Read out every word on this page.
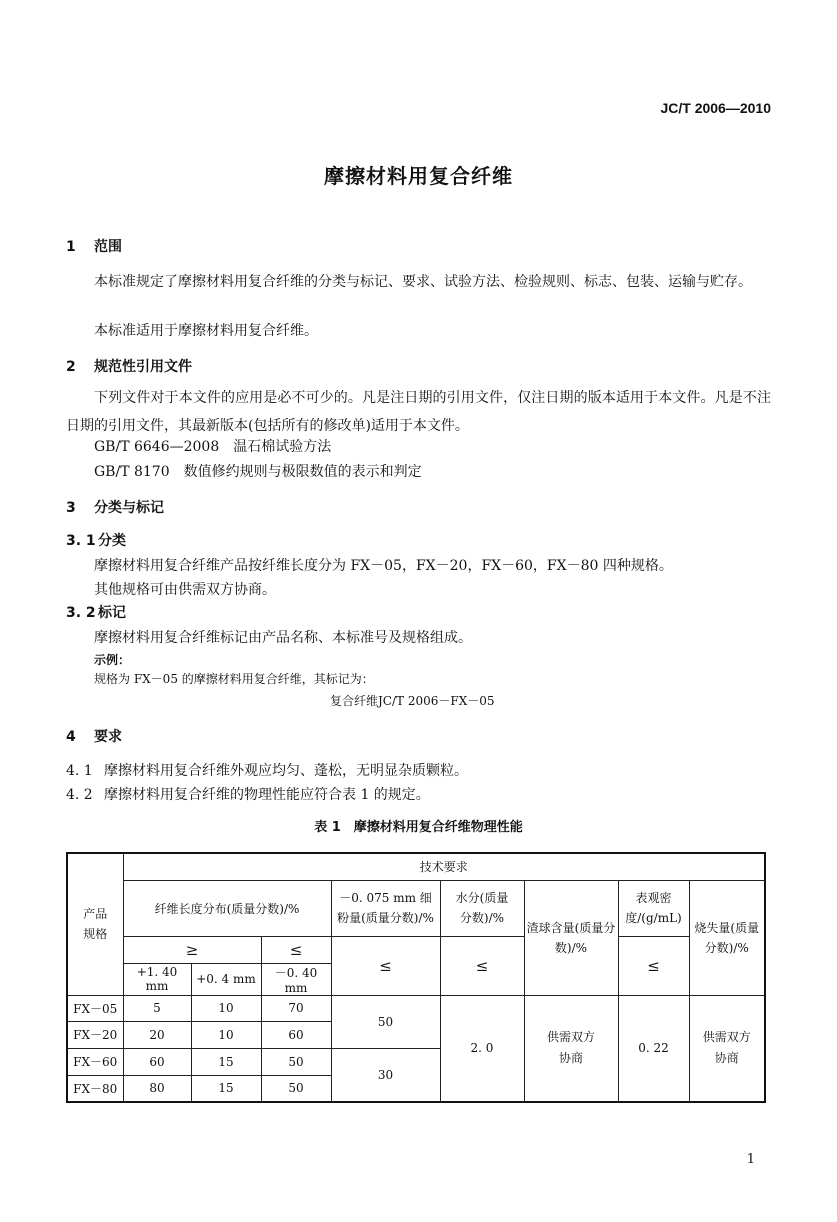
JC/T 2006—2010
摩擦材料用复合纤维
1 范围
本标准规定了摩擦材料用复合纤维的分类与标记、要求、试验方法、检验规则、标志、包装、运输与贮存。
本标准适用于摩擦材料用复合纤维。
2 规范性引用文件
下列文件对于本文件的应用是必不可少的。凡是注日期的引用文件，仅注日期的版本适用于本文件。凡是不注日期的引用文件，其最新版本(包括所有的修改单)适用于本文件。
GB/T 6646—2008　温石棉试验方法
GB/T 8170　数值修约规则与极限数值的表示和判定
3 分类与标记
3. 1 分类
摩擦材料用复合纤维产品按纤维长度分为 FX－05，FX－20，FX－60，FX－80 四种规格。
其他规格可由供需双方协商。
3. 2 标记
摩擦材料用复合纤维标记由产品名称、本标准号及规格组成。
示例：
规格为 FX－05 的摩擦材料用复合纤维，其标记为：
复合纤维JC/T 2006－FX－05
4 要求
4. 1 摩擦材料用复合纤维外观应均匀、蓬松，无明显杂质颗粒。
4. 2 摩擦材料用复合纤维的物理性能应符合表 1 的规定。
表 1　摩擦材料用复合纤维物理性能
产品规格	技术要求							
	纤维长度分布(质量分数)/%			－0. 075 mm 细粉量(质量分数)/%	水分(质量分数)/%	渣球含量(质量分数)/%	表观密度/(g/mL)	烧失量(质量分数)/%

	≥		≤	≤	≤		≤	
	+1. 40 mm	+0. 4 mm	－0. 40 mm					
FX－05	5	10	70	50	2. 0	供需双方协商	0. 22	供需双方协商

FX－20	20	10	60					
FX－60	60	15	50	30				
FX－80	80	15	50					
1
